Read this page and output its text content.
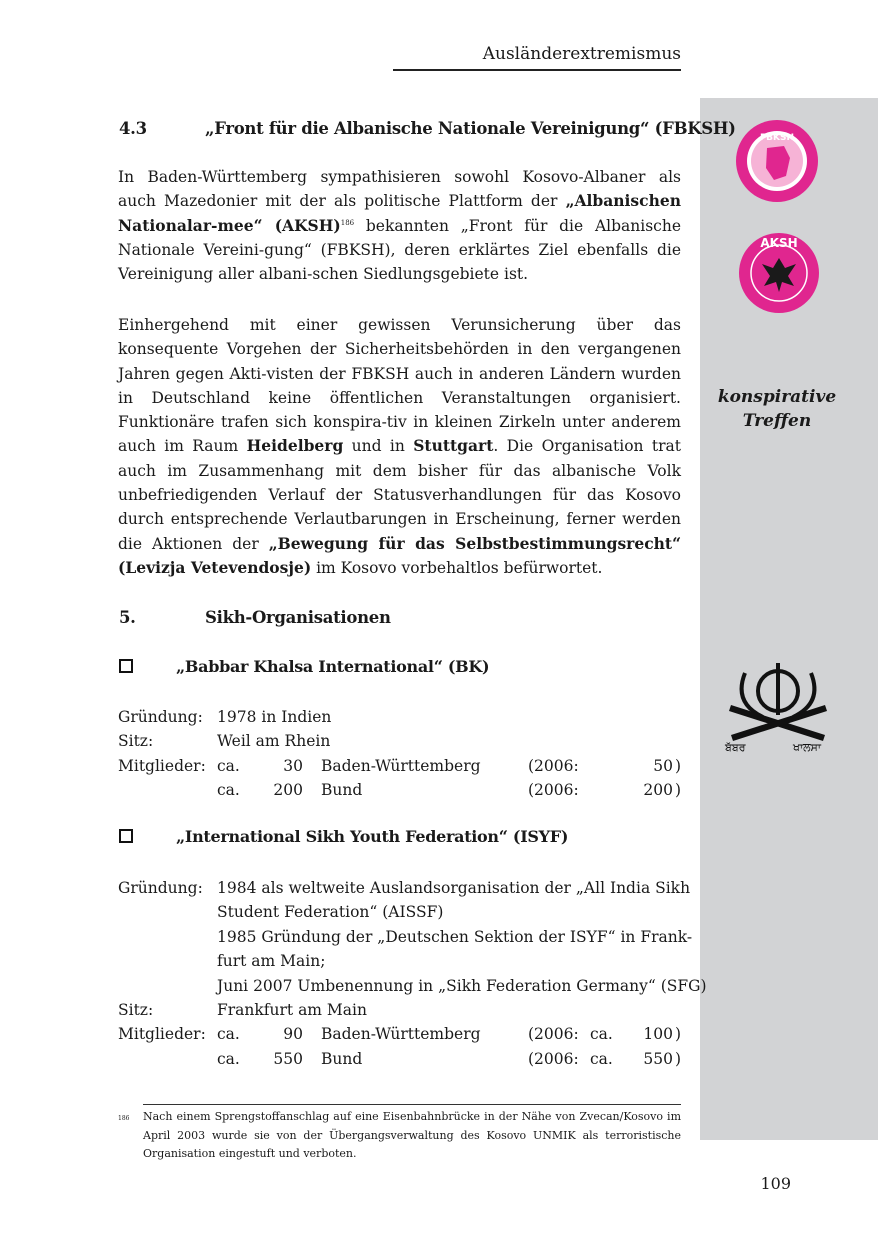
Ausländerextremismus
FBKSH
AKSH
konspirative
Treffen
ਬੱਬਰ	ਖਾਲਸਾ
4.3	„Front für die Albanische Nationale Vereinigung“ (FBKSH)
In Baden-Württemberg sympathisieren sowohl Kosovo-Albaner als auch Mazedonier mit der als politische Plattform der „Albanischen Nationalar-mee“ (AKSH)$^{186}$ bekannten „Front für die Albanische Nationale Vereini-gung“ (FBKSH), deren erklärtes Ziel ebenfalls die Vereinigung aller albani-schen Siedlungsgebiete ist.
Einhergehend mit einer gewissen Verunsicherung über das konsequente Vorgehen der Sicherheitsbehörden in den vergangenen Jahren gegen Akti-visten der FBKSH auch in anderen Ländern wurden in Deutschland keine öffentlichen Veranstaltungen organisiert. Funktionäre trafen sich konspira-tiv in kleinen Zirkeln unter anderem auch im Raum Heidelberg und in Stuttgart. Die Organisation trat auch im Zusammenhang mit dem bisher für das albanische Volk unbefriedigenden Verlauf der Statusverhandlungen für das Kosovo durch entsprechende Verlautbarungen in Erscheinung, ferner werden die Aktionen der „Bewegung für das Selbstbestimmungsrecht“ (Levizja Vetevendosje) im Kosovo vorbehaltlos befürwortet.
5.	Sikh-Organisationen
„Babbar Khalsa International“ (BK)
Gründung: 1978 in Indien
Sitz:	Weil am Rhein
Mitglieder: ca.	30 Baden-Württemberg	(2006:	50 )
ca. 200 Bund	(2006:	200 )
„International Sikh Youth Federation“ (ISYF)
Gründung: 1984 als weltweite Auslandsorganisation der „All India Sikh
Student Federation“ (AISSF)
1985 Gründung der „Deutschen Sektion der ISYF“ in Frank-
furt am Main;
Juni 2007 Umbenennung in „Sikh Federation Germany“ (SFG)
Sitz:	Frankfurt am Main
Mitglieder: ca.	90 Baden-Württemberg	(2006: ca. 100 )
ca. 550 Bund	(2006: ca. 550 )
186 Nach einem Sprengstoffanschlag auf eine Eisenbahnbrücke in der Nähe von Zvecan/Kosovo im April 2003 wurde sie von der Übergangsverwaltung des Kosovo UNMIK als terroristische Organisation eingestuft und verboten.
109
